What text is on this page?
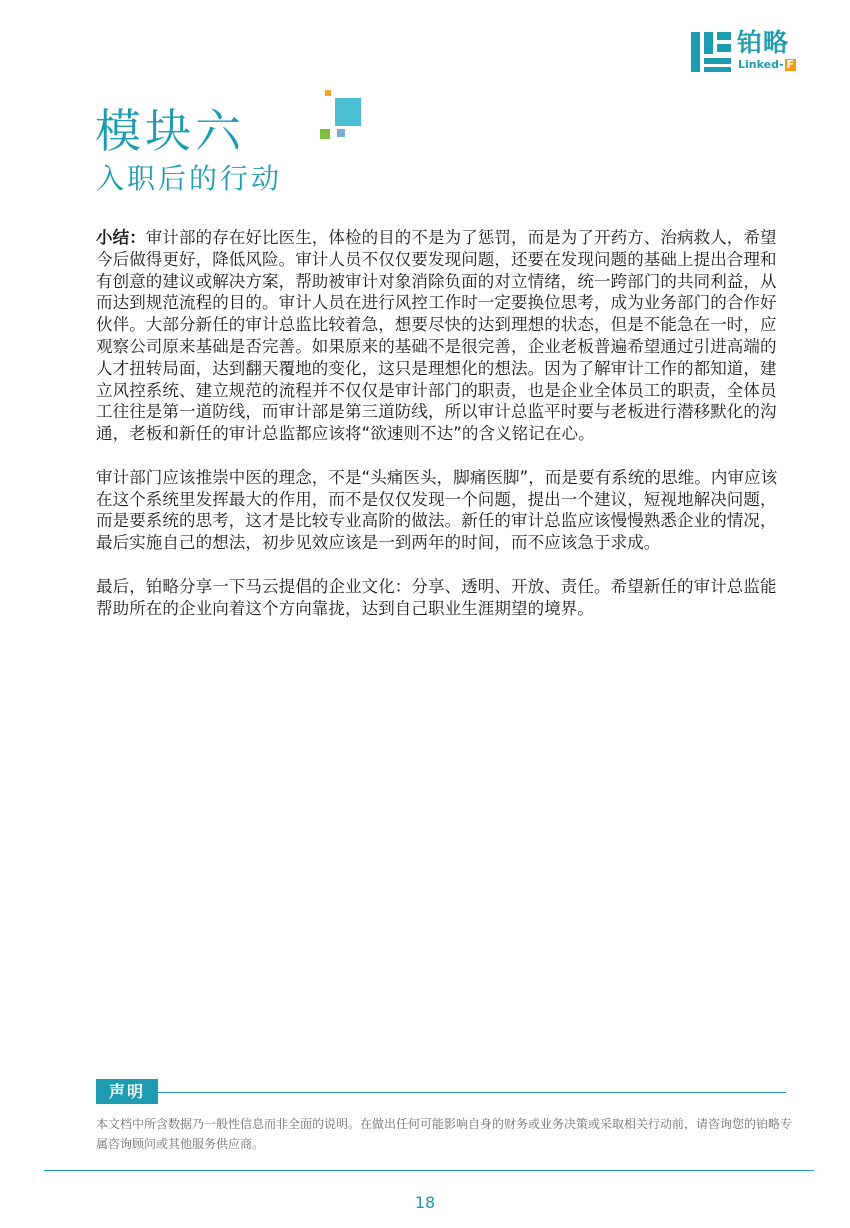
铂略
Linked- F
模块六
入职后的行动

小结：审计部的存在好比医生，体检的目的不是为了惩罚，而是为了开药方、治病救人，希望今后做得更好，降低风险。审计人员不仅仅要发现问题，还要在发现问题的基础上提出合理和有创意的建议或解决方案，帮助被审计对象消除负面的对立情绪，统一跨部门的共同利益，从而达到规范流程的目的。审计人员在进行风控工作时一定要换位思考，成为业务部门的合作好伙伴。大部分新任的审计总监比较着急，想要尽快的达到理想的状态，但是不能急在一时，应观察公司原来基础是否完善。如果原来的基础不是很完善，企业老板普遍希望通过引进高端的人才扭转局面，达到翻天覆地的变化，这只是理想化的想法。因为了解审计工作的都知道，建立风控系统、建立规范的流程并不仅仅是审计部门的职责，也是企业全体员工的职责，全体员工往往是第一道防线，而审计部是第三道防线，所以审计总监平时要与老板进行潜移默化的沟通，老板和新任的审计总监都应该将“欲速则不达”的含义铭记在心。

审计部门应该推崇中医的理念，不是“头痛医头，脚痛医脚”，而是要有系统的思维。内审应该在这个系统里发挥最大的作用，而不是仅仅发现一个问题，提出一个建议，短视地解决问题，而是要系统的思考，这才是比较专业高阶的做法。新任的审计总监应该慢慢熟悉企业的情况，最后实施自己的想法，初步见效应该是一到两年的时间，而不应该急于求成。

最后，铂略分享一下马云提倡的企业文化：分享、透明、开放、责任。希望新任的审计总监能帮助所在的企业向着这个方向靠拢，达到自己职业生涯期望的境界。

声明
本文档中所含数据乃一般性信息而非全面的说明。在做出任何可能影响自身的财务或业务决策或采取相关行动前，请咨询您的铂略专属咨询顾问或其他服务供应商。
18
